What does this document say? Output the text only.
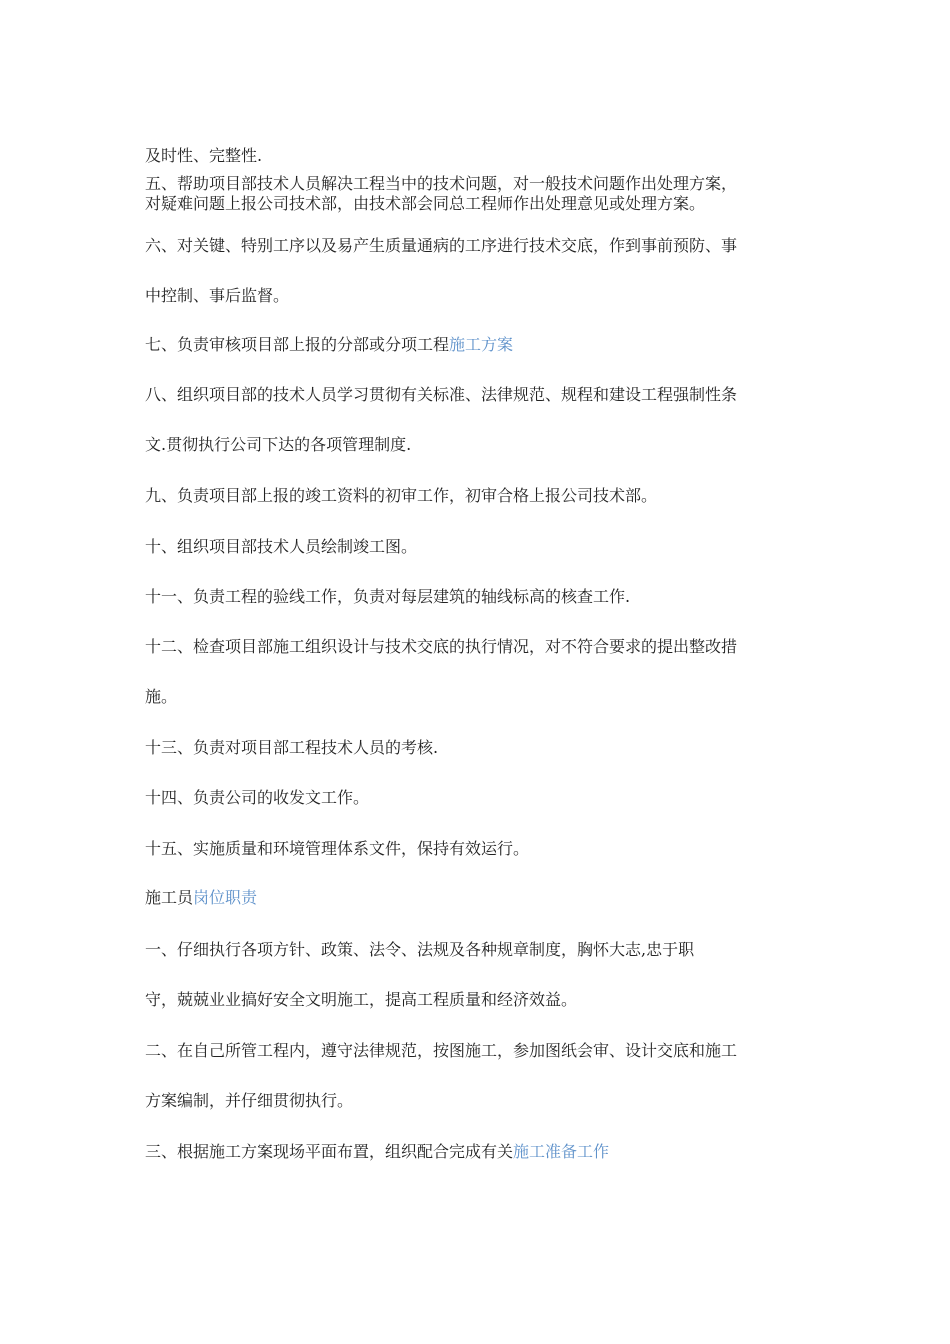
及时性、完整性.

五、帮助项目部技术人员解决工程当中的技术问题，对一般技术问题作出处理方案，

对疑难问题上报公司技术部，由技术部会同总工程师作出处理意见或处理方案。

六、对关键、特别工序以及易产生质量通病的工序进行技术交底，作到事前预防、事

中控制、事后监督。

七、负责审核项目部上报的分部或分项工程施工方案

八、组织项目部的技术人员学习贯彻有关标准、法律规范、规程和建设工程强制性条

文.贯彻执行公司下达的各项管理制度.

九、负责项目部上报的竣工资料的初审工作，初审合格上报公司技术部。

十、组织项目部技术人员绘制竣工图。

十一、负责工程的验线工作，负责对每层建筑的轴线标高的核查工作.

十二、检查项目部施工组织设计与技术交底的执行情况，对不符合要求的提出整改措

施。

十三、负责对项目部工程技术人员的考核.

十四、负责公司的收发文工作。

十五、实施质量和环境管理体系文件，保持有效运行。

施工员岗位职责

一、仔细执行各项方针、政策、法令、法规及各种规章制度，胸怀大志,忠于职

守，兢兢业业搞好安全文明施工，提高工程质量和经济效益。

二、在自己所管工程内，遵守法律规范，按图施工，参加图纸会审、设计交底和施工

方案编制，并仔细贯彻执行。

三、根据施工方案现场平面布置，组织配合完成有关施工准备工作
